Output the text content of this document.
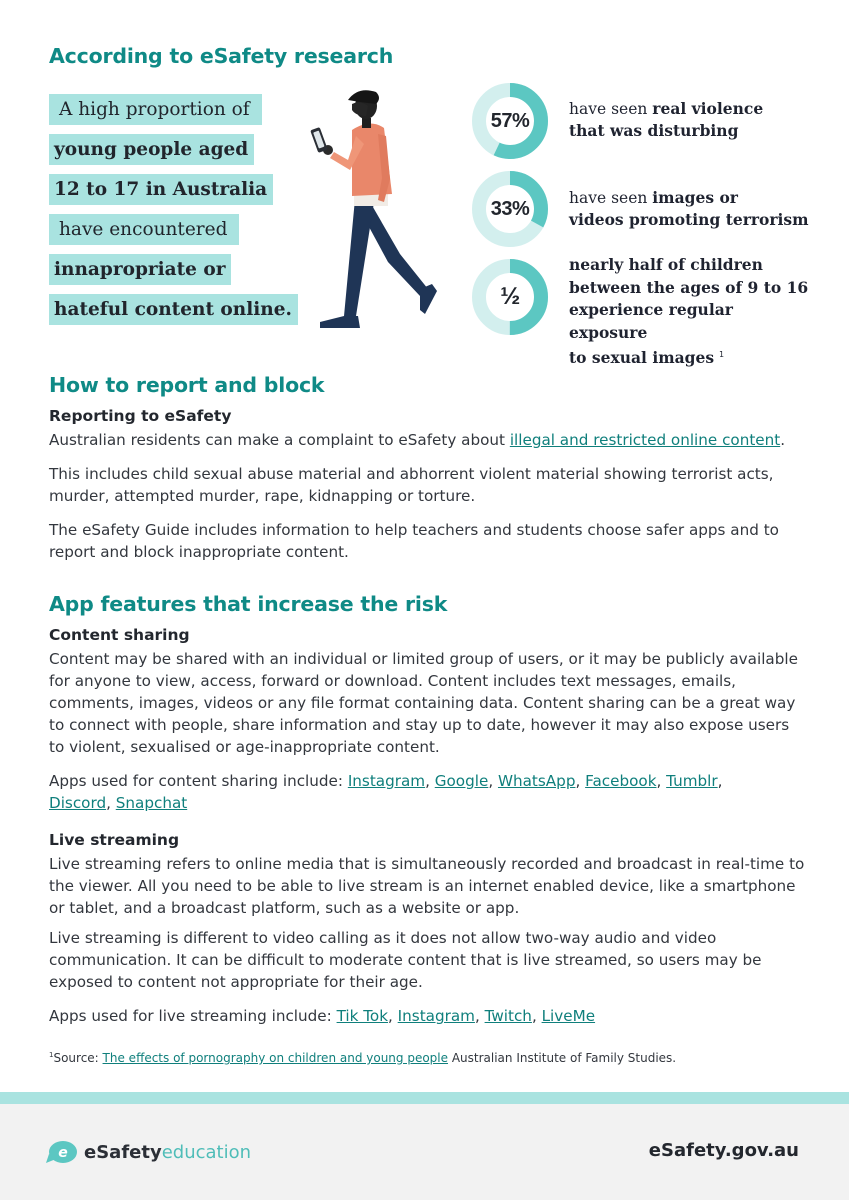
According to eSafety research
A high proportion of
young people aged
12 to 17 in Australia
have encountered
innapropriate or
hateful content online.
57%

have seen real violence
that was disturbing

33%	have seen images or
videos promoting terrorism

½

nearly half of children
between the ages of 9 to 16
experience regular exposure
to sexual images $^1$

How to report and block
Reporting to eSafety

Australian residents can make a complaint to eSafety about illegal and restricted online content.

This includes child sexual abuse material and abhorrent violent material showing terrorist acts, murder, attempted murder, rape, kidnapping or torture.

The eSafety Guide includes information to help teachers and students choose safer apps and to report and block inappropriate content.

App features that increase the risk
Content sharing

Content may be shared with an individual or limited group of users, or it may be publicly available for anyone to view, access, forward or download. Content includes text messages, emails, comments, images, videos or any file format containing data. Content sharing can be a great way to connect with people, share information and stay up to date, however it may also expose users to violent, sexualised or age-inappropriate content.

Apps used for content sharing include: Instagram, Google, WhatsApp, Facebook, Tumblr,
Discord, Snapchat

Live streaming

Live streaming refers to online media that is simultaneously recorded and broadcast in real-time to the viewer. All you need to be able to live stream is an internet enabled device, like a smartphone or tablet, and a broadcast platform, such as a website or app.

Live streaming is different to video calling as it does not allow two-way audio and video communication. It can be difficult to moderate content that is live streamed, so users may be exposed to content not appropriate for their age.

Apps used for live streaming include: Tik Tok, Instagram, Twitch, LiveMe

$^1$Source: The effects of pornography on children and young people Australian Institute of Family Studies.

e eSafety education	eSafety.gov.au
